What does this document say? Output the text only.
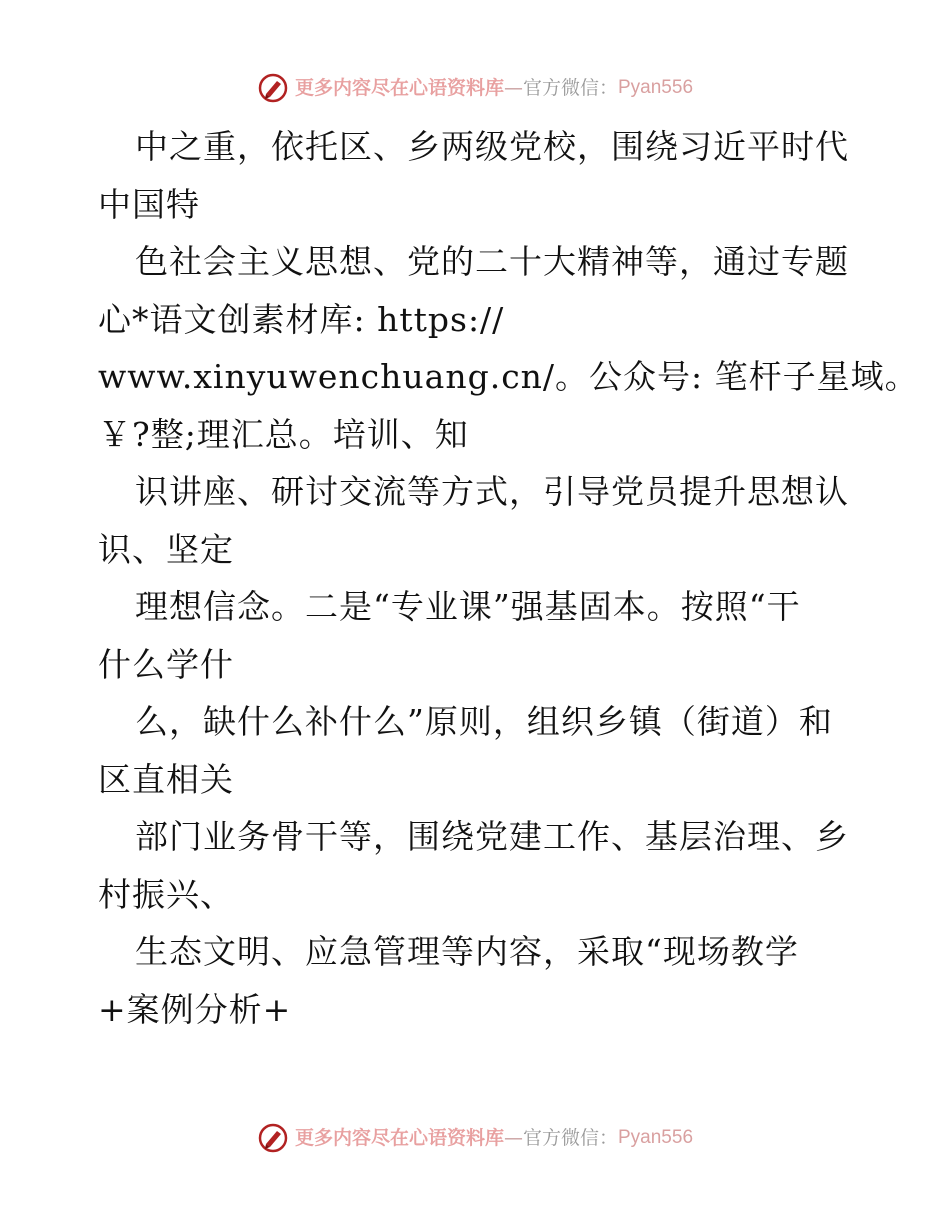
更多内容尽在心语资料库 — 官方微信： Pyan556
中之重，依托区、乡两级党校，围绕习近平时代
中国特
色社会主义思想、党的二十大精神等，通过专题
心*语文创素材库: https://
www.xinyuwenchuang.cn/。公众号: 笔杆子星域。
￥?整;理汇总。培训、知
识讲座、研讨交流等方式，引导党员提升思想认
识、坚定
理想信念。二是“专业课”强基固本。按照“干
什么学什
么，缺什么补什么”原则，组织乡镇（街道）和
区直相关
部门业务骨干等，围绕党建工作、基层治理、乡
村振兴、
生态文明、应急管理等内容，采取“现场教学
+案例分析+
更多内容尽在心语资料库 — 官方微信： Pyan556
